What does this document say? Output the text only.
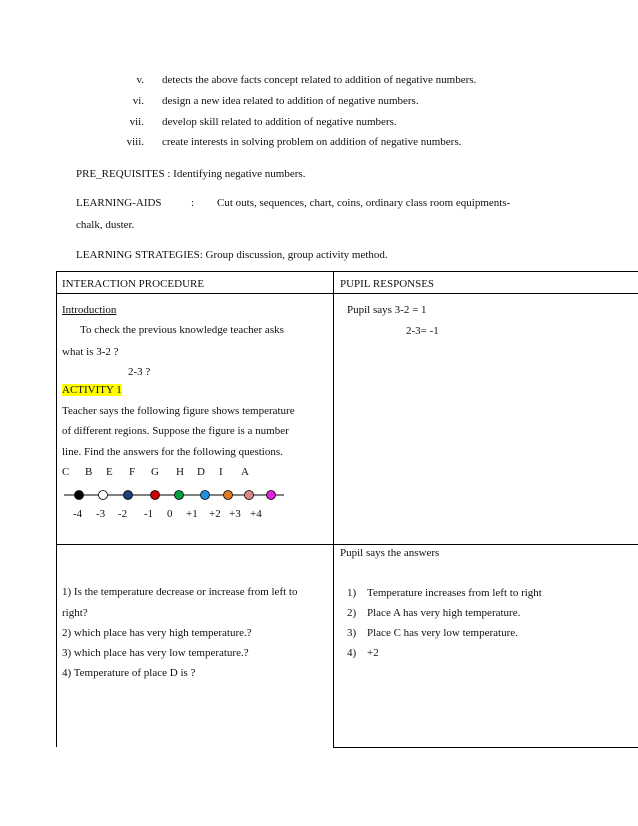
v. detects the above facts concept related to addition of negative numbers.
vi. design a new idea related to addition of negative numbers.
vii. develop skill related to addition of negative numbers.
viii. create interests in solving problem on addition of negative numbers.
PRE_REQUISITES : Identifying negative numbers.
LEARNING-AIDS	: Cut outs, sequences, chart, coins, ordinary class room equipments-
chalk, duster.
LEARNING STRATEGIES: Group discussion, group activity method.
INTERACTION PROCEDURE	PUPIL RESPONSES
Introduction
To check the previous knowledge teacher asks
what is 3-2 ?
2-3 ?
ACTIVITY 1
Teacher says the following figure shows temperature
of different regions. Suppose the figure is a number
line. Find the answers for the following questions.
C B E F G H D I A
-4 -3 -2 -1 0 +1 +2 +3 +4
Pupil says 3-2 = 1
2-3= -1
1) Is the temperature decrease or increase from left to
right?
2) which place has very high temperature.?
3) which place has very low temperature.?
4) Temperature of place D is ?
Pupil says the answers
1) Temperature increases from left to right
2) Place A has very high temperature.
3) Place C has very low temperature.
4) +2
